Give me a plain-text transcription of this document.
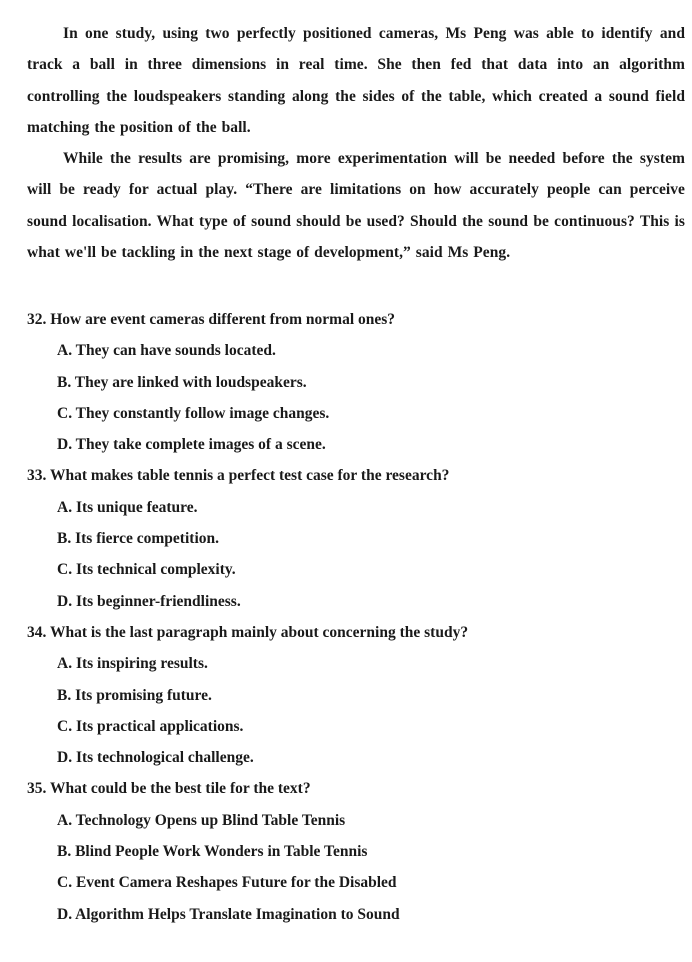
In one study, using two perfectly positioned cameras, Ms Peng was able to identify and track a ball in three dimensions in real time. She then fed that data into an algorithm controlling the loudspeakers standing along the sides of the table, which created a sound field matching the position of the ball.

While the results are promising, more experimentation will be needed before the system will be ready for actual play. “There are limitations on how accurately people can perceive sound localisation. What type of sound should be used? Should the sound be continuous? This is what we'll be tackling in the next stage of development,” said Ms Peng.

32. How are event cameras different from normal ones?
A. They can have sounds located.
B. They are linked with loudspeakers.
C. They constantly follow image changes.
D. They take complete images of a scene.
33. What makes table tennis a perfect test case for the research?
A. Its unique feature.
B. Its fierce competition.
C. Its technical complexity.
D. Its beginner-friendliness.
34. What is the last paragraph mainly about concerning the study?
A. Its inspiring results.
B. Its promising future.
C. Its practical applications.
D. Its technological challenge.
35. What could be the best tile for the text?
A. Technology Opens up Blind Table Tennis
B. Blind People Work Wonders in Table Tennis
C. Event Camera Reshapes Future for the Disabled
D. Algorithm Helps Translate Imagination to Sound
